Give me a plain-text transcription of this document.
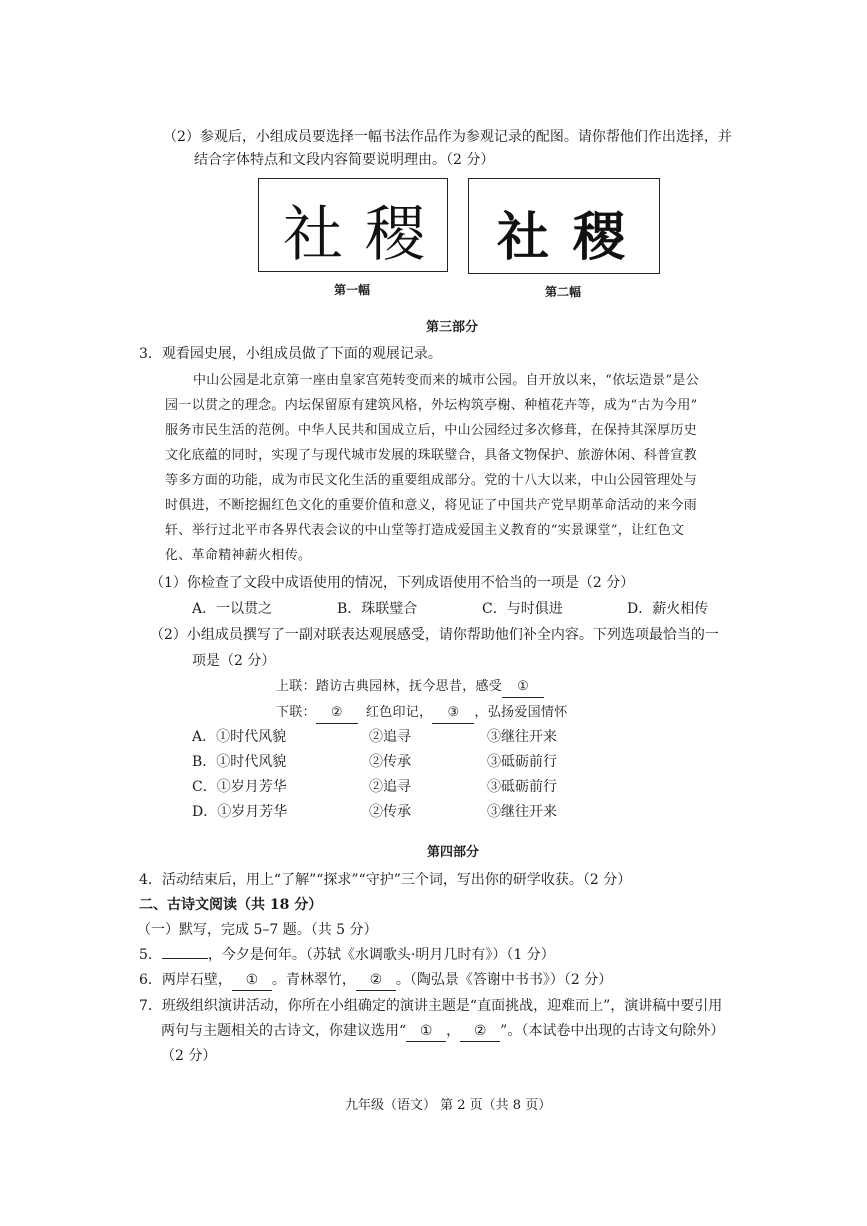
（2）参观后，小组成员要选择一幅书法作品作为参观记录的配图。请你帮他们作出选择，并
结合字体特点和文段内容简要说明理由。（2 分）
社稷 社稷
第一幅	第二幅
第三部分
3．观看园史展，小组成员做了下面的观展记录。
中山公园是北京第一座由皇家宫苑转变而来的城市公园。自开放以来，“依坛造景”是公
园一以贯之的理念。内坛保留原有建筑风格，外坛构筑亭榭、种植花卉等，成为“古为今用”
服务市民生活的范例。中华人民共和国成立后，中山公园经过多次修葺，在保持其深厚历史
文化底蕴的同时，实现了与现代城市发展的珠联璧合，具备文物保护、旅游休闲、科普宣教
等多方面的功能，成为市民文化生活的重要组成部分。党的十八大以来，中山公园管理处与
时俱进，不断挖掘红色文化的重要价值和意义，将见证了中国共产党早期革命活动的来今雨
轩、举行过北平市各界代表会议的中山堂等打造成爱国主义教育的“实景课堂”，让红色文
化、革命精神薪火相传。
（1）你检查了文段中成语使用的情况，下列成语使用不恰当的一项是（2 分）
A．一以贯之	B．珠联璧合	C．与时俱进	D．薪火相传
（2）小组成员撰写了一副对联表达观展感受，请你帮助他们补全内容。下列选项最恰当的一
项是（2 分）
上联：踏访古典园林，抚今思昔，感受 ①
下联： ② 红色印记， ③ ，弘扬爱国情怀
A．①时代风貌	②追寻	③继往开来
B．①时代风貌	②传承	③砥砺前行
C．①岁月芳华	②追寻	③砥砺前行
D．①岁月芳华	②传承	③继往开来
第四部分
4．活动结束后，用上“了解”“探求”“守护”三个词，写出你的研学收获。（2 分）
二、古诗文阅读（共 18 分）
（一）默写，完成 5–7 题。（共 5 分）
5．	，今夕是何年。（苏轼《水调歌头·明月几时有》）（1 分）
6．两岸石壁， ① 。青林翠竹， ② 。（陶弘景《答谢中书书》）（2 分）
7．班级组织演讲活动，你所在小组确定的演讲主题是“直面挑战，迎难而上”，演讲稿中要引用
两句与主题相关的古诗文，你建议选用“ ① ， ② ”。（本试卷中出现的古诗文句除外）
（2 分）
九年级（语文） 第 2 页（共 8 页）
